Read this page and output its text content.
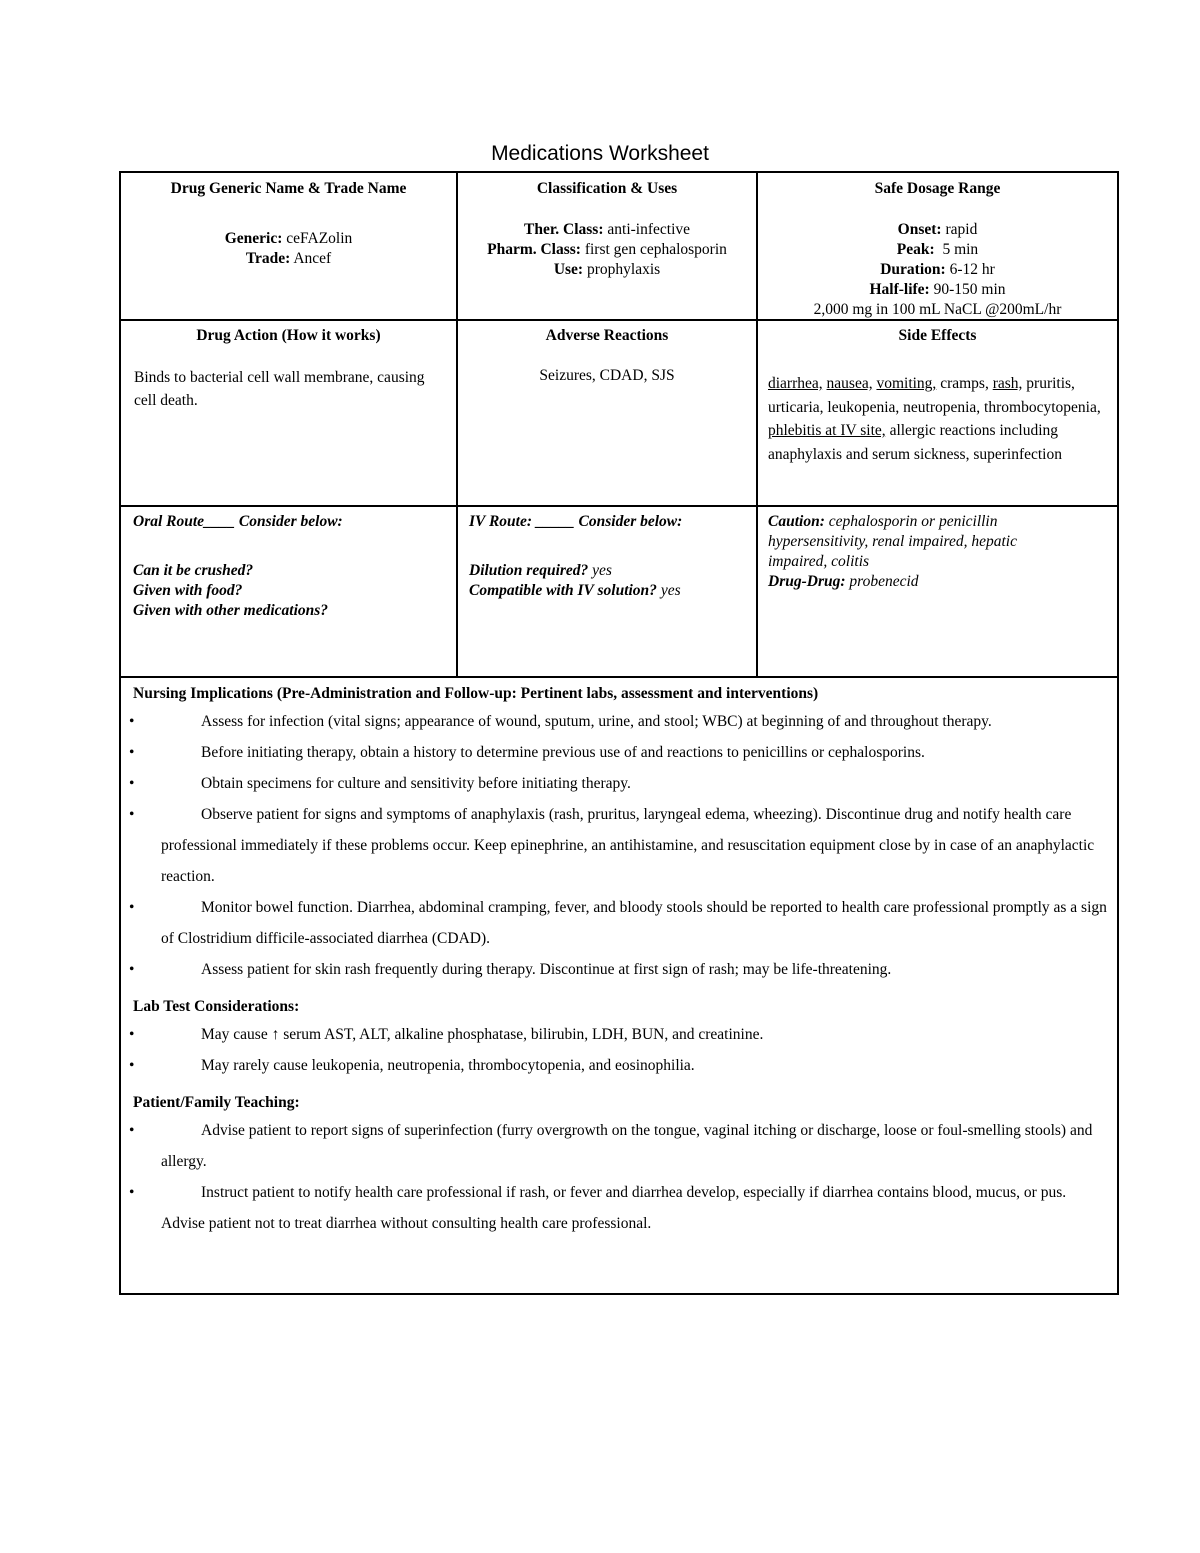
Medications Worksheet
Drug Generic Name & Trade Name
Generic: ceFAZolin
Trade: Ancef
Classification & Uses
Ther. Class: anti-infective
Pharm. Class: first gen cephalosporin
Use: prophylaxis
Safe Dosage Range
Onset: rapid
Peak:  5 min
Duration: 6-12 hr
Half-life: 90-150 min
2,000 mg in 100 mL NaCL @200mL/hr
Drug Action (How it works)
Binds to bacterial cell wall membrane, causing cell death.
Adverse Reactions
Seizures, CDAD, SJS
Side Effects
diarrhea, nausea, vomiting, cramps, rash, pruritis, urticaria, leukopenia, neutropenia, thrombocytopenia, phlebitis at IV site, allergic reactions including anaphylaxis and serum sickness, superinfection
Oral Route____ Consider below:
Can it be crushed?
Given with food?
Given with other medications?
IV Route: _____ Consider below:
Dilution required? yes
Compatible with IV solution? yes
Caution: cephalosporin or penicillin hypersensitivity, renal impaired, hepatic impaired, colitis
Drug-Drug: probenecid
Nursing Implications (Pre-Administration and Follow-up: Pertinent labs, assessment and interventions)
• Assess for infection (vital signs; appearance of wound, sputum, urine, and stool; WBC) at beginning of and throughout therapy.
• Before initiating therapy, obtain a history to determine previous use of and reactions to penicillins or cephalosporins.
• Obtain specimens for culture and sensitivity before initiating therapy.
• Observe patient for signs and symptoms of anaphylaxis (rash, pruritus, laryngeal edema, wheezing). Discontinue drug and notify health care professional immediately if these problems occur. Keep epinephrine, an antihistamine, and resuscitation equipment close by in case of an anaphylactic reaction.
• Monitor bowel function. Diarrhea, abdominal cramping, fever, and bloody stools should be reported to health care professional promptly as a sign of Clostridium difficile-associated diarrhea (CDAD).
• Assess patient for skin rash frequently during therapy. Discontinue at first sign of rash; may be life-threatening.
Lab Test Considerations:
• May cause ↑ serum AST, ALT, alkaline phosphatase, bilirubin, LDH, BUN, and creatinine.
• May rarely cause leukopenia, neutropenia, thrombocytopenia, and eosinophilia.
Patient/Family Teaching:
• Advise patient to report signs of superinfection (furry overgrowth on the tongue, vaginal itching or discharge, loose or foul-smelling stools) and allergy.
• Instruct patient to notify health care professional if rash, or fever and diarrhea develop, especially if diarrhea contains blood, mucus, or pus. Advise patient not to treat diarrhea without consulting health care professional.
